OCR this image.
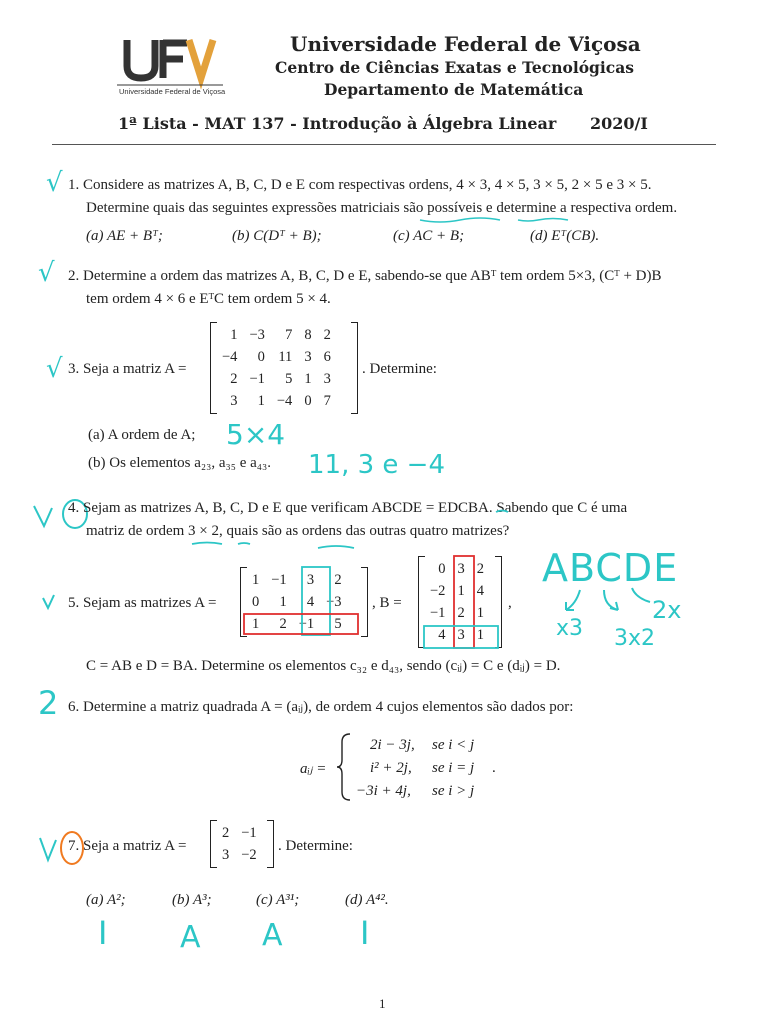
Universidade Federal de Viçosa
Universidade Federal de Viçosa
Centro de Ciências Exatas e Tecnológicas
Departamento de Matemática
1ª Lista - MAT 137 - Introdução à Álgebra Linear 2020/I
√ 1. Considere as matrizes A, B, C, D e E com respectivas ordens, 4 × 3, 4 × 5, 3 × 5, 2 × 5 e 3 × 5.
Determine quais das seguintes expressões matriciais são possíveis e determine a respectiva ordem.
(a) AE + Bᵀ;	(b) C(Dᵀ + B);	(c) AC + B;	(d) Eᵀ(CB).
√ 2. Determine a ordem das matrizes A, B, C, D e E, sabendo-se que ABᵀ tem ordem 5×3, (Cᵀ + D)B
tem ordem 4 × 6 e EᵀC tem ordem 5 × 4.
√ 3. Seja a matriz A =
1	−3	7	8	2
−4	0	11	3	6
2	−1	5	1	3
3	1	−4	0	7
. Determine:
(a) A ordem de A;
(b) Os elementos a₂₃, a₃₅ e a₄₃.
5×4
11, 3 e −4
4. Sejam as matrizes A, B, C, D e E que verificam ABCDE = EDCBA. Sabendo que C é uma
matriz de ordem 3 × 2, quais são as ordens das outras quatro matrizes?
5. Sejam as matrizes A =
1	−1	3	2
0	1	4	−3
1	2	−1	5
, B =
0	3	2
−2	1	4
−1	2	1
4	3	1
,
C = AB e D = BA. Determine os elementos c₃₂ e d₄₃, sendo (cᵢⱼ) = C e (dᵢⱼ) = D.
ABCDE
x3 3x2
2x
2 6. Determine a matriz quadrada A = (aᵢⱼ), de ordem 4 cujos elementos são dados por:
aᵢⱼ =
2i − 3j, se i < j
i² + 2j, se i = j .
−3i + 4j, se i > j
7. Seja a matriz A =
2	−1
3	−2
. Determine:
(a) A²;	(b) A³;	(c) A³¹;	(d) A⁴².
I A A I
1
